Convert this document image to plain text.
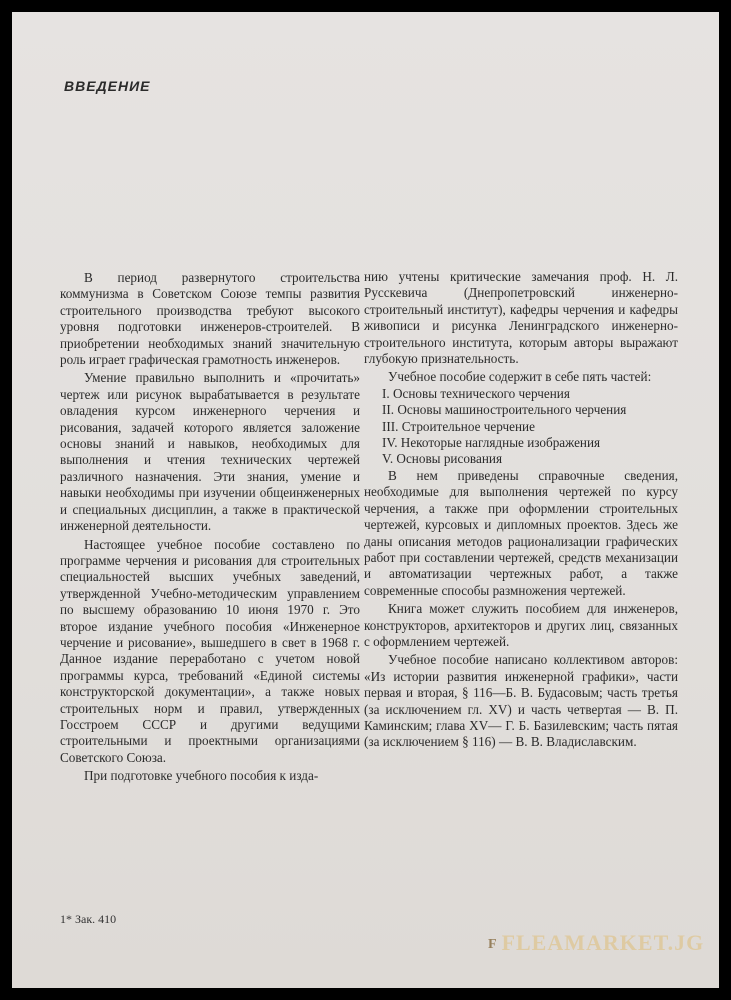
ВВЕДЕНИЕ

В период развернутого строительства коммунизма в Советском Союзе темпы развития строительного производства требуют высокого уровня подготовки инженеров-строителей. В приобретении необходимых знаний значительную роль играет графическая грамотность инженеров.

Умение правильно выполнить и «прочитать» чертеж или рисунок вырабатывается в результате овладения курсом инженерного черчения и рисования, задачей которого является заложение основы знаний и навыков, необходимых для выполнения и чтения технических чертежей различного назначения. Эти знания, умение и навыки необходимы при изучении общеинженерных и специальных дисциплин, а также в практической инженерной деятельности.

Настоящее учебное пособие составлено по программе черчения и рисования для строительных специальностей высших учебных заведений, утвержденной Учебно-методическим управлением по высшему образованию 10 июня 1970 г. Это второе издание учебного пособия «Инженерное черчение и рисование», вышедшего в свет в 1968 г. Данное издание переработано с учетом новой программы курса, требований «Единой системы конструкторской документации», а также новых строительных норм и правил, утвержденных Госстроем СССР и другими ведущими строительными и проектными организациями Советского Союза.

При подготовке учебного пособия к изда-

нию учтены критические замечания проф. Н. Л. Русскевича (Днепропетровский инженерно-строительный институт), кафедры черчения и кафедры живописи и рисунка Ленинградского инженерно-строительного института, которым авторы выражают глубокую признательность.

Учебное пособие содержит в себе пять частей:

I. Основы технического черчения
II. Основы машиностроительного черчения
III. Строительное черчение
IV. Некоторые наглядные изображения
V. Основы рисования

В нем приведены справочные сведения, необходимые для выполнения чертежей по курсу черчения, а также при оформлении строительных чертежей, курсовых и дипломных проектов. Здесь же даны описания методов рационализации графических работ при составлении чертежей, средств механизации и автоматизации чертежных работ, а также современные способы размножения чертежей.

Книга может служить пособием для инженеров, конструкторов, архитекторов и других лиц, связанных с оформлением чертежей.

Учебное пособие написано коллективом авторов: «Из истории развития инженерной графики», части первая и вторая, § 116—Б. В. Будасовым; часть третья (за исключением гл. XV) и часть четвертая — В. П. Каминским; глава XV— Г. Б. Базилевским; часть пятая (за исключением § 116) — В. В. Владиславским.

1* Зак. 410
F FLEAMARKET.JG
